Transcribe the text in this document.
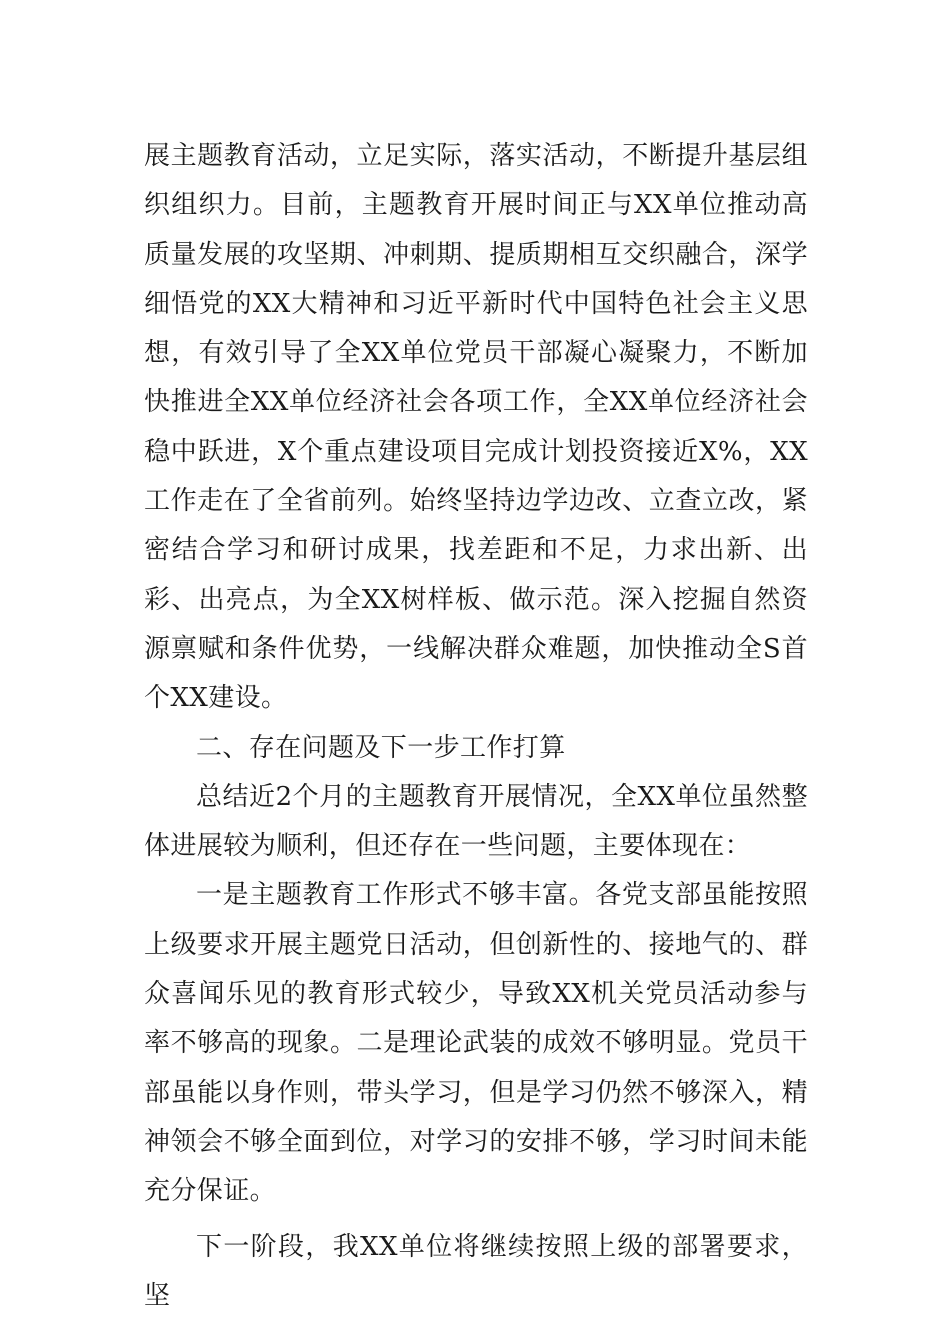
展主题教育活动，立足实际，落实活动，不断提升基层组织组织力。目前，主题教育开展时间正与XX单位推动高质量发展的攻坚期、冲刺期、提质期相互交织融合，深学细悟党的XX大精神和习近平新时代中国特色社会主义思想，有效引导了全XX单位党员干部凝心凝聚力，不断加快推进全XX单位经济社会各项工作，全XX单位经济社会稳中跃进，X个重点建设项目完成计划投资接近X%，XX工作走在了全省前列。始终坚持边学边改、立查立改，紧密结合学习和研讨成果，找差距和不足，力求出新、出彩、出亮点，为全XX树样板、做示范。深入挖掘自然资源禀赋和条件优势，一线解决群众难题，加快推动全S首个XX建设。

二、存在问题及下一步工作打算

总结近2个月的主题教育开展情况，全XX单位虽然整体进展较为顺利，但还存在一些问题，主要体现在：

一是主题教育工作形式不够丰富。各党支部虽能按照上级要求开展主题党日活动，但创新性的、接地气的、群众喜闻乐见的教育形式较少，导致XX机关党员活动参与率不够高的现象。二是理论武装的成效不够明显。党员干部虽能以身作则，带头学习，但是学习仍然不够深入，精神领会不够全面到位，对学习的安排不够，学习时间未能充分保证。

下一阶段，我XX单位将继续按照上级的部署要求，坚
